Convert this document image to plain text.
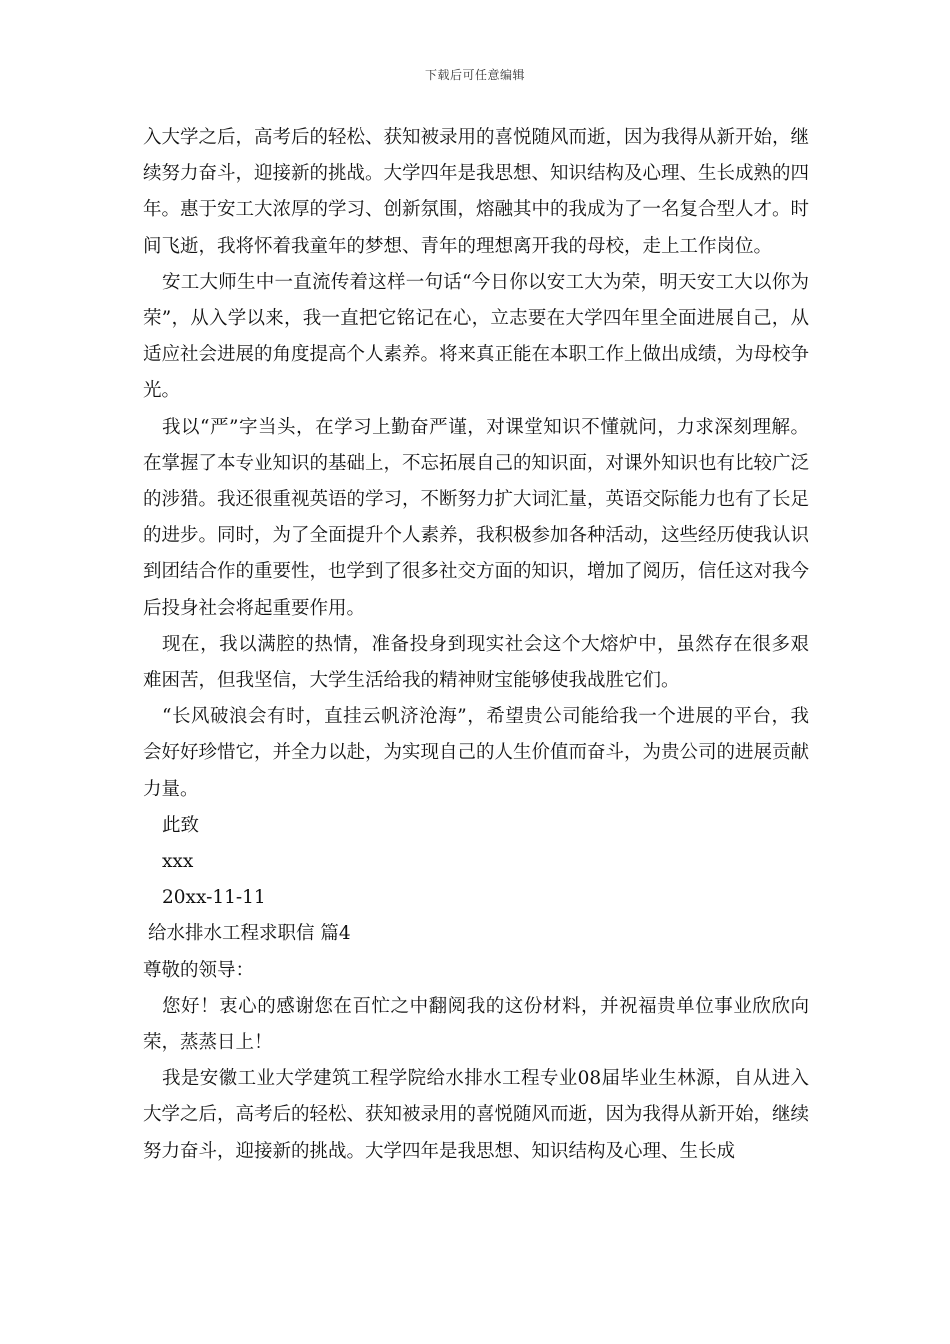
下载后可任意编辑

入大学之后，高考后的轻松、获知被录用的喜悦随风而逝，因为我得从新开始，继续努力奋斗，迎接新的挑战。大学四年是我思想、知识结构及心理、生长成熟的四年。惠于安工大浓厚的学习、创新氛围，熔融其中的我成为了一名复合型人才。时间飞逝，我将怀着我童年的梦想、青年的理想离开我的母校，走上工作岗位。

安工大师生中一直流传着这样一句话“今日你以安工大为荣，明天安工大以你为荣”，从入学以来，我一直把它铭记在心，立志要在大学四年里全面进展自己，从适应社会进展的角度提高个人素养。将来真正能在本职工作上做出成绩，为母校争光。

我以“严”字当头，在学习上勤奋严谨，对课堂知识不懂就问，力求深刻理解。在掌握了本专业知识的基础上，不忘拓展自己的知识面，对课外知识也有比较广泛的涉猎。我还很重视英语的学习，不断努力扩大词汇量，英语交际能力也有了长足的进步。同时，为了全面提升个人素养，我积极参加各种活动，这些经历使我认识到团结合作的重要性，也学到了很多社交方面的知识，增加了阅历，信任这对我今后投身社会将起重要作用。

现在，我以满腔的热情，准备投身到现实社会这个大熔炉中，虽然存在很多艰难困苦，但我坚信，大学生活给我的精神财宝能够使我战胜它们。

“长风破浪会有时，直挂云帆济沧海”，希望贵公司能给我一个进展的平台，我会好好珍惜它，并全力以赴，为实现自己的人生价值而奋斗，为贵公司的进展贡献力量。

此致

xxx

20xx-11-11

给水排水工程求职信 篇4

尊敬的领导：

您好！衷心的感谢您在百忙之中翻阅我的这份材料，并祝福贵单位事业欣欣向荣，蒸蒸日上！

我是安徽工业大学建筑工程学院给水排水工程专业08届毕业生林源，自从进入大学之后，高考后的轻松、获知被录用的喜悦随风而逝，因为我得从新开始，继续努力奋斗，迎接新的挑战。大学四年是我思想、知识结构及心理、生长成
